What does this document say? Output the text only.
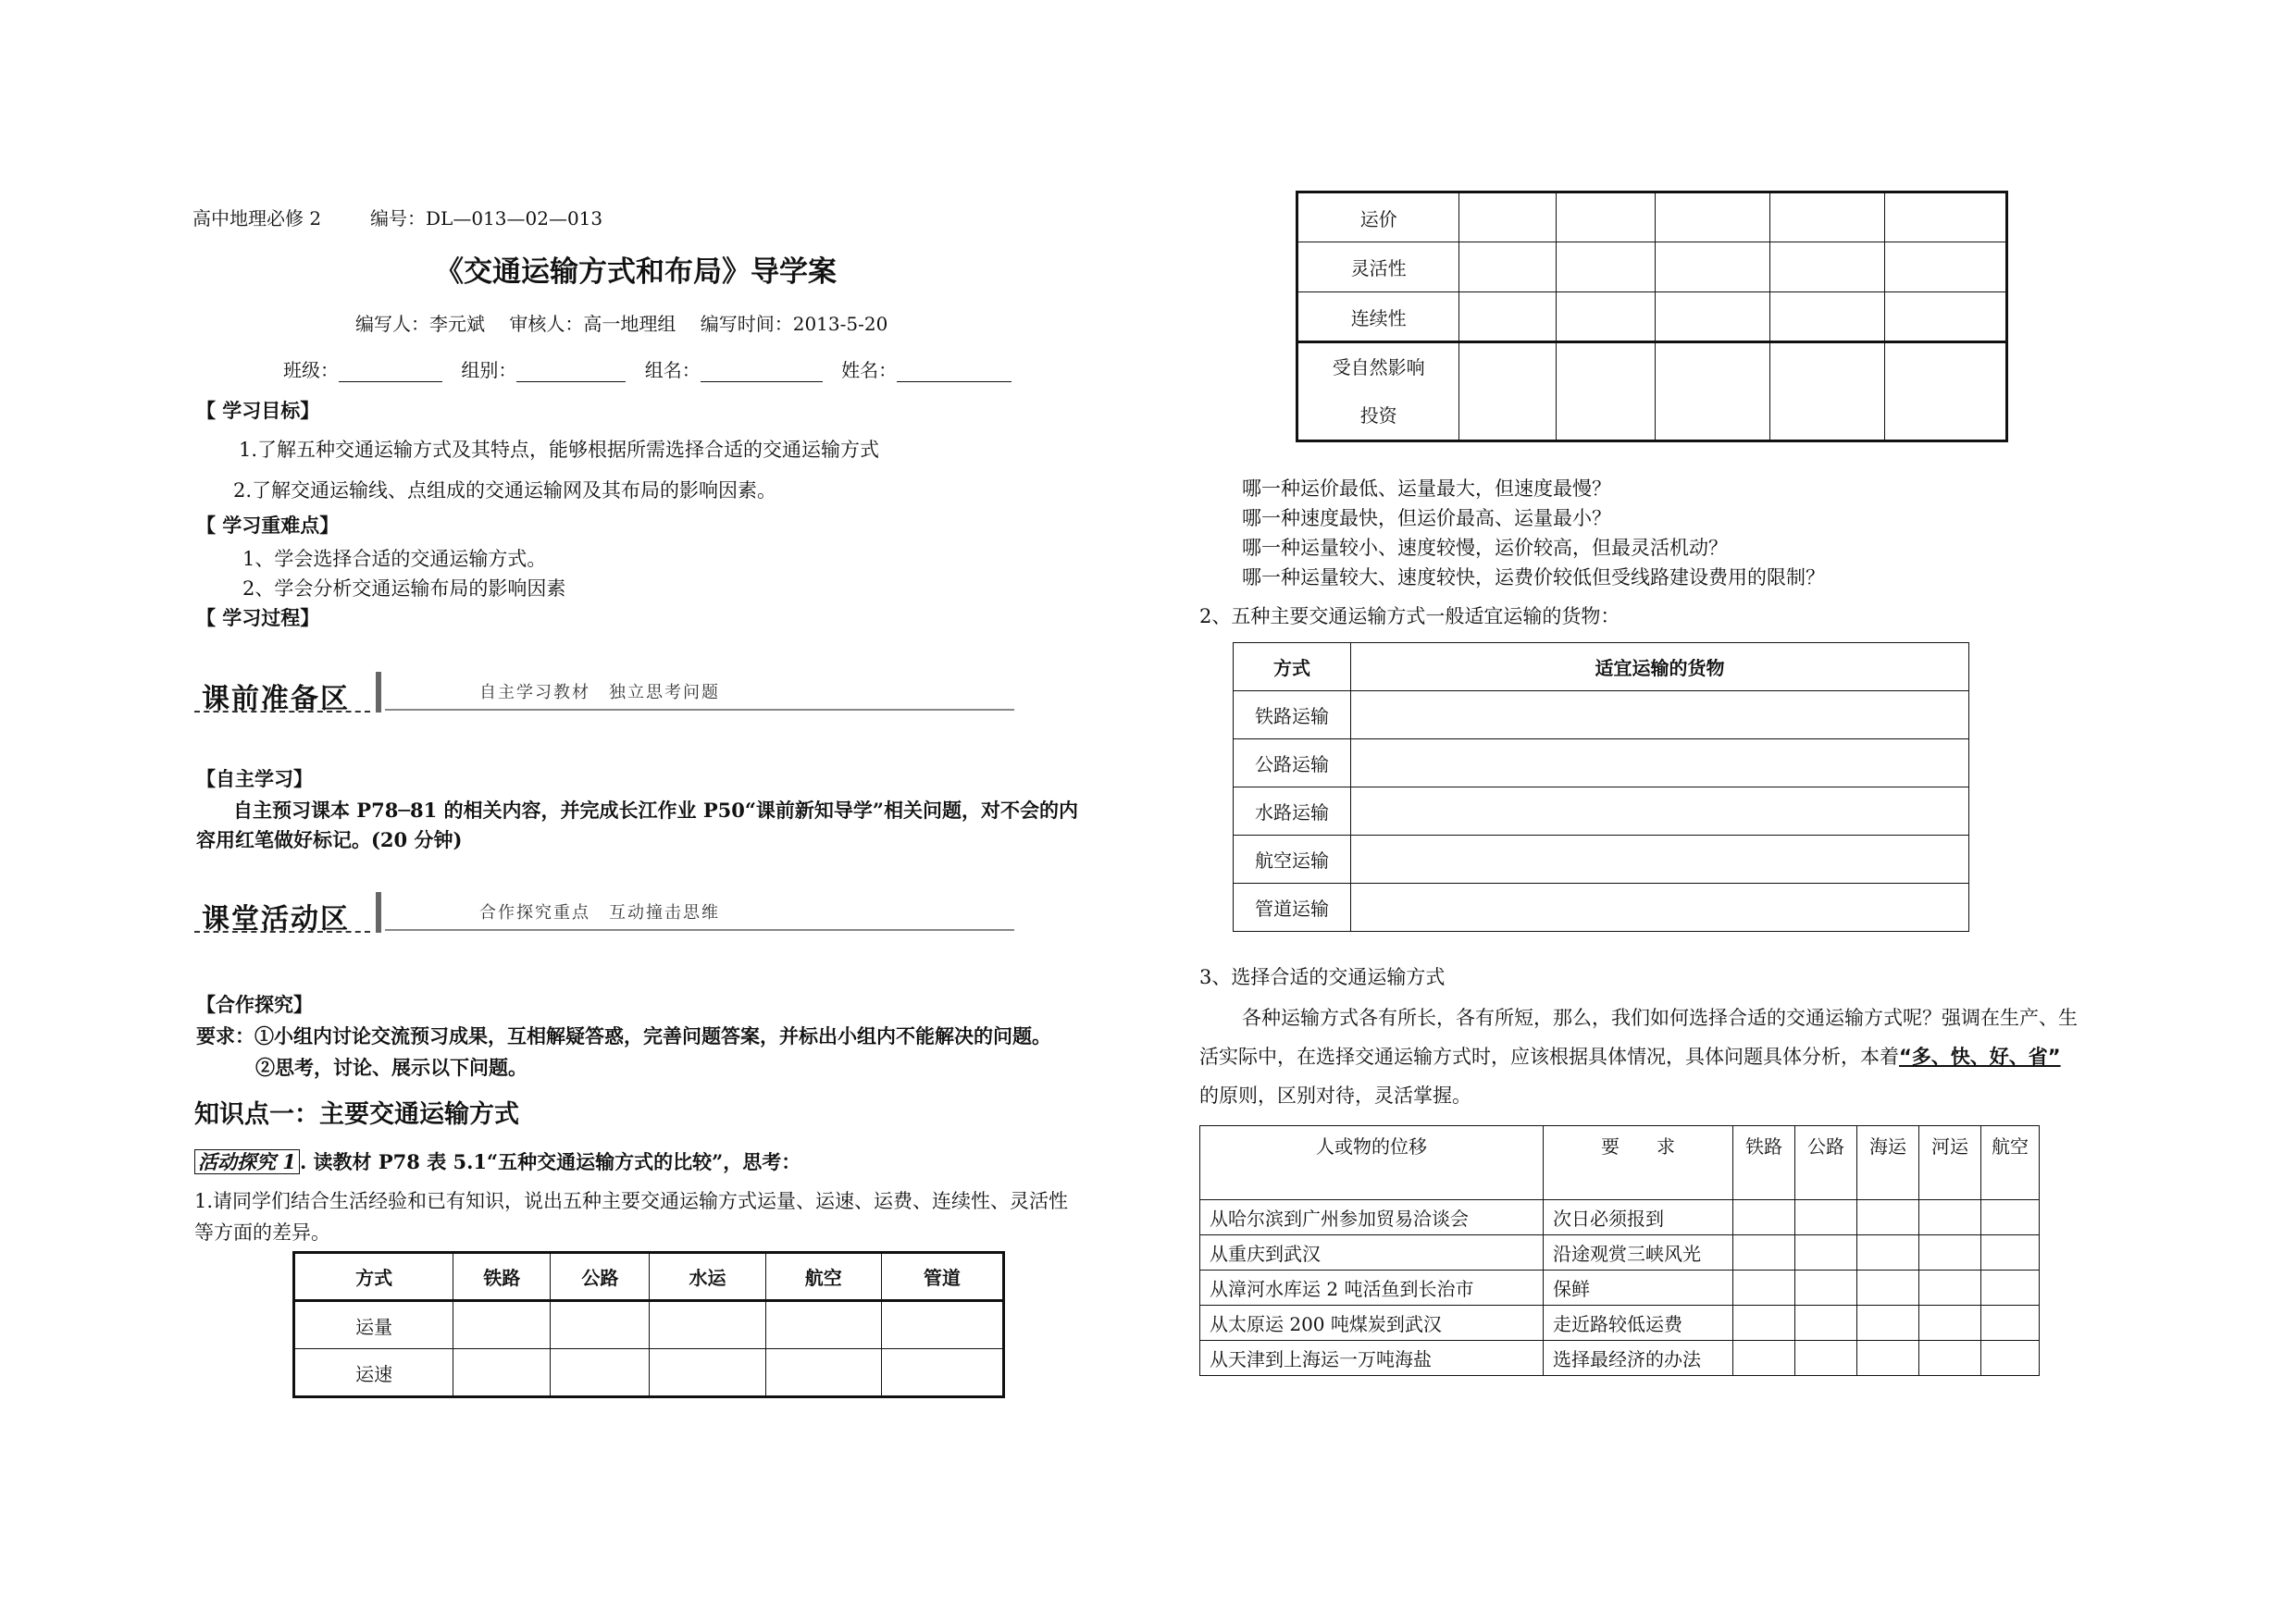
高中地理必修 2	编号：DL—013—02—013
《交通运输方式和布局》导学案
编写人：李元斌　 审核人：高一地理组　 编写时间：2013-5-20
班级：	组别：	组名：	姓名：
【 学习目标】
1.了解五种交通运输方式及其特点，能够根据所需选择合适的交通运输方式
2.了解交通运输线、点组成的交通运输网及其布局的影响因素。
【 学习重难点】
1、学会选择合适的交通运输方式。
2、学会分析交通运输布局的影响因素
【 学习过程】
课前准备区	自主学习教材　独立思考问题
【自主学习】
自主预习课本 P78─81 的相关内容，并完成长江作业 P50“课前新知导学”相关问题，对不会的内
容用红笔做好标记。(20 分钟)
课堂活动区	合作探究重点　互动撞击思维
【合作探究】
要求：①小组内讨论交流预习成果，互相解疑答惑，完善问题答案，并标出小组内不能解决的问题。
②思考，讨论、展示以下问题。
知识点一：主要交通运输方式
活动探究 1 . 读教材 P78 表 5.1“五种交通运输方式的比较”，思考：
1.请同学们结合生活经验和已有知识，说出五种主要交通运输方式运量、运速、运费、连续性、灵活性
等方面的差异。
方式	铁路	公路	水运	航空	管道
运量					
运速					
运价					
灵活性					
连续性					

受自然影响
投资					

哪一种运价最低、运量最大，但速度最慢？
哪一种速度最快，但运价最高、运量最小？
哪一种运量较小、速度较慢，运价较高，但最灵活机动？
哪一种运量较大、速度较快，运费价较低但受线路建设费用的限制？
2、五种主要交通运输方式一般适宜运输的货物：
方式	适宜运输的货物
铁路运输	
公路运输	
水路运输	
航空运输	
管道运输	
3、选择合适的交通运输方式
各种运输方式各有所长，各有所短，那么，我们如何选择合适的交通运输方式呢？强调在生产、生
活实际中，在选择交通运输方式时，应该根据具体情况，具体问题具体分析，本着“多、快、好、省”
的原则，区别对待，灵活掌握。
人或物的位移	要　　求	铁路	公路	海运	河运	航空
从哈尔滨到广州参加贸易洽谈会	次日必须报到					
从重庆到武汉	沿途观赏三峡风光					
从漳河水库运 2 吨活鱼到长治市	保鲜					
从太原运 200 吨煤炭到武汉	走近路较低运费					
从天津到上海运一万吨海盐	选择最经济的办法					
